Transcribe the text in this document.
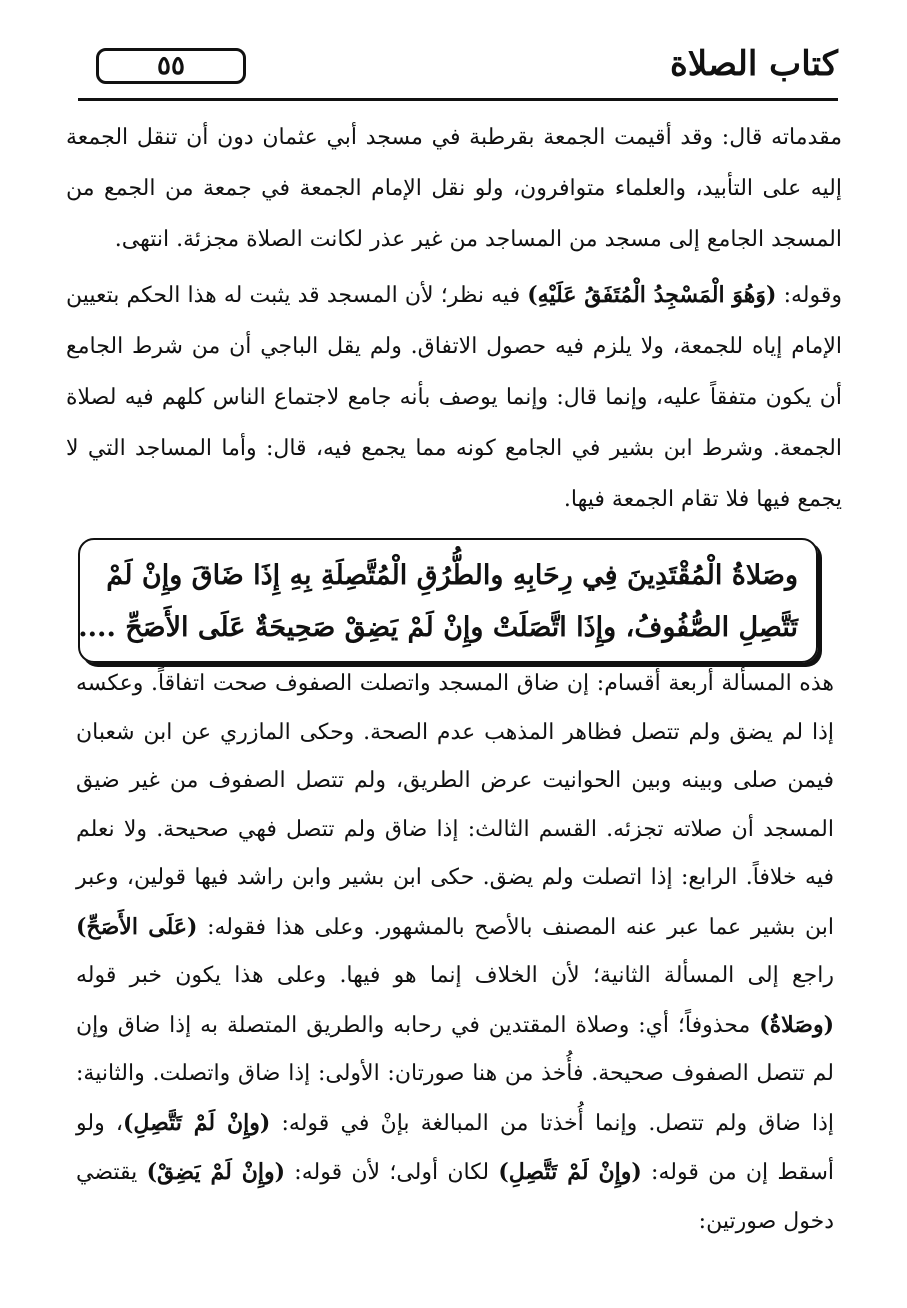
٥٥	كتاب الصلاة
مقدماته قال: وقد أقيمت الجمعة بقرطبة في مسجد أبي عثمان دون أن تنقل الجمعة إليه على التأبيد، والعلماء متوافرون، ولو نقل الإمام الجمعة في جمعة من الجمع من المسجد الجامع إلى مسجد من المساجد من غير عذر لكانت الصلاة مجزئة. انتهى.
وقوله: (وَهُوَ الْمَسْجِدُ الْمُتَفَقُ عَلَيْهِ) فيه نظر؛ لأن المسجد قد يثبت له هذا الحكم بتعيين الإمام إياه للجمعة، ولا يلزم فيه حصول الاتفاق. ولم يقل الباجي أن من شرط الجامع أن يكون متفقاً عليه، وإنما قال: وإنما يوصف بأنه جامع لاجتماع الناس كلهم فيه لصلاة الجمعة. وشرط ابن بشير في الجامع كونه مما يجمع فيه، قال: وأما المساجد التي لا يجمع فيها فلا تقام الجمعة فيها.
وصَلاةُ الْمُقْتَدِينَ فِي رِحَابِهِ والطُّرُقِ الْمُتَّصِلَةِ بِهِ إِذَا ضَاقَ وإِنْ لَمْ
تَتَّصِلِ الصُّفُوفُ، وإِذَا اتَّصَلَتْ وإِنْ لَمْ يَضِقْ صَحِيحَةٌ عَلَى الأَصَحِّ ....
هذه المسألة أربعة أقسام: إن ضاق المسجد واتصلت الصفوف صحت اتفاقاً. وعكسه إذا لم يضق ولم تتصل فظاهر المذهب عدم الصحة. وحكى المازري عن ابن شعبان فيمن صلى وبينه وبين الحوانيت عرض الطريق، ولم تتصل الصفوف من غير ضيق المسجد أن صلاته تجزئه. القسم الثالث: إذا ضاق ولم تتصل فهي صحيحة. ولا نعلم فيه خلافاً. الرابع: إذا اتصلت ولم يضق. حكى ابن بشير وابن راشد فيها قولين، وعبر ابن بشير عما عبر عنه المصنف بالأصح بالمشهور. وعلى هذا فقوله: (عَلَى الأَصَحِّ) راجع إلى المسألة الثانية؛ لأن الخلاف إنما هو فيها. وعلى هذا يكون خبر قوله (وصَلاةُ) محذوفاً؛ أي: وصلاة المقتدين في رحابه والطريق المتصلة به إذا ضاق وإن لم تتصل الصفوف صحيحة. فأُخذ من هنا صورتان: الأولى: إذا ضاق واتصلت. والثانية: إذا ضاق ولم تتصل. وإنما أُخذتا من المبالغة بإنْ في قوله: (وإِنْ لَمْ تَتَّصِلِ)، ولو أسقط إن من قوله: (وإِنْ لَمْ تَتَّصِلِ) لكان أولى؛ لأن قوله: (وإِنْ لَمْ يَضِقْ) يقتضي دخول صورتين:
